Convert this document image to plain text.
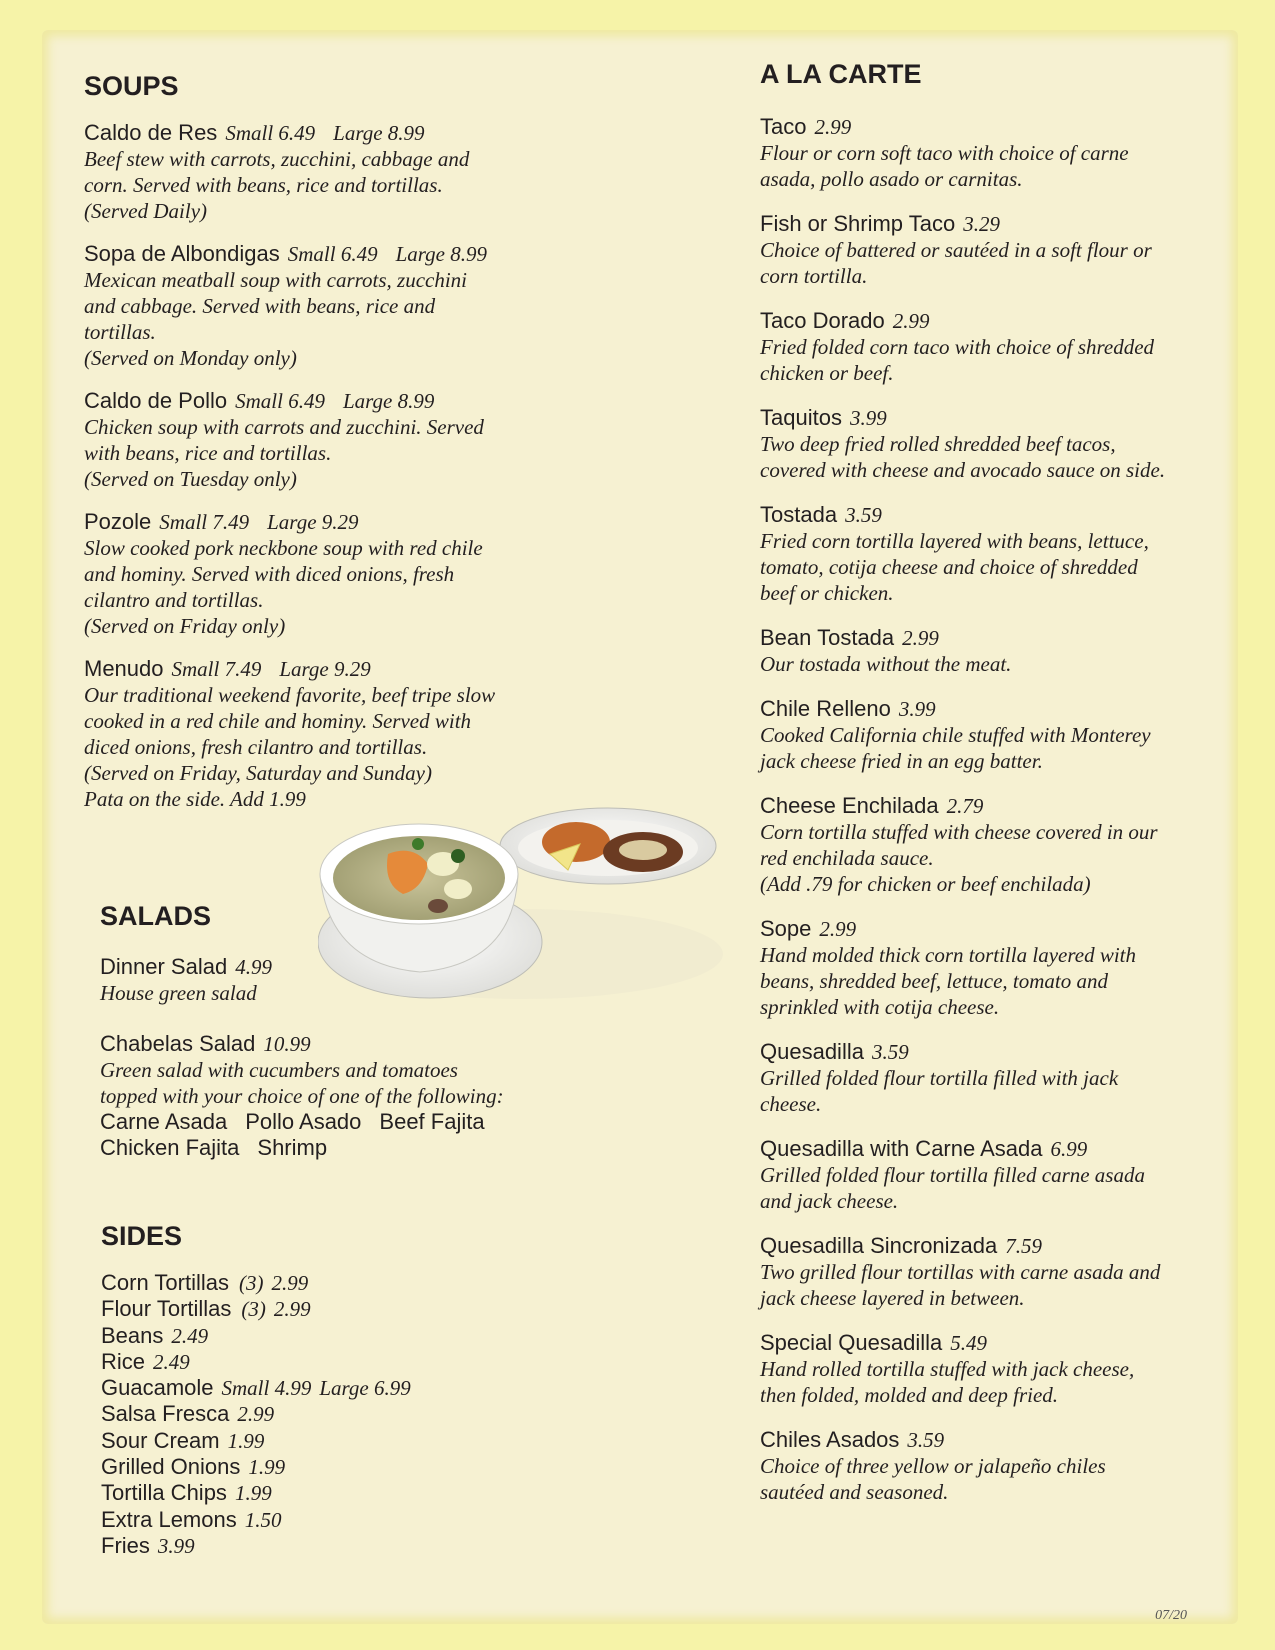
SOUPS
Caldo de Res Small 6.49 Large 8.99

Beef stew with carrots, zucchini, cabbage and
corn. Served with beans, rice and tortillas.
(Served Daily)

Sopa de Albondigas Small 6.49 Large 8.99

Mexican meatball soup with carrots, zucchini
and cabbage. Served with beans, rice and
tortillas.
(Served on Monday only)

Caldo de Pollo Small 6.49 Large 8.99

Chicken soup with carrots and zucchini. Served
with beans, rice and tortillas.
(Served on Tuesday only)

Pozole Small 7.49 Large 9.29

Slow cooked pork neckbone soup with red chile
and hominy. Served with diced onions, fresh
cilantro and tortillas.
(Served on Friday only)

Menudo Small 7.49 Large 9.29

Our traditional weekend favorite, beef tripe slow
cooked in a red chile and hominy. Served with
diced onions, fresh cilantro and tortillas.
(Served on Friday, Saturday and Sunday)
Pata on the side. Add 1.99

SALADS
Dinner Salad 4.99

House green salad

Chabelas Salad 10.99

Green salad with cucumbers and tomatoes
topped with your choice of one of the following:

Carne Asada Pollo Asado Beef Fajita
Chicken Fajita Shrimp
SIDES
Corn Tortillas (3) 2.99
Flour Tortillas (3) 2.99
Beans 2.49
Rice 2.49
Guacamole Small 4.99 Large 6.99
Salsa Fresca 2.99
Sour Cream 1.99
Grilled Onions 1.99
Tortilla Chips 1.99
Extra Lemons 1.50
Fries 3.99
A LA CARTE
Taco 2.99

Flour or corn soft taco with choice of carne
asada, pollo asado or carnitas.

Fish or Shrimp Taco 3.29

Choice of battered or sautéed in a soft flour or
corn tortilla.

Taco Dorado 2.99

Fried folded corn taco with choice of shredded
chicken or beef.

Taquitos 3.99

Two deep fried rolled shredded beef tacos,
covered with cheese and avocado sauce on side.

Tostada 3.59

Fried corn tortilla layered with beans, lettuce,
tomato, cotija cheese and choice of shredded
beef or chicken.

Bean Tostada 2.99

Our tostada without the meat.

Chile Relleno 3.99

Cooked California chile stuffed with Monterey
jack cheese fried in an egg batter.

Cheese Enchilada 2.79

Corn tortilla stuffed with cheese covered in our
red enchilada sauce.
(Add .79 for chicken or beef enchilada)

Sope 2.99

Hand molded thick corn tortilla layered with
beans, shredded beef, lettuce, tomato and
sprinkled with cotija cheese.

Quesadilla 3.59

Grilled folded flour tortilla filled with jack
cheese.

Quesadilla with Carne Asada 6.99

Grilled folded flour tortilla filled carne asada
and jack cheese.

Quesadilla Sincronizada 7.59

Two grilled flour tortillas with carne asada and
jack cheese layered in between.

Special Quesadilla 5.49

Hand rolled tortilla stuffed with jack cheese,
then folded, molded and deep fried.

Chiles Asados 3.59

Choice of three yellow or jalapeño chiles
sautéed and seasoned.

07/20
